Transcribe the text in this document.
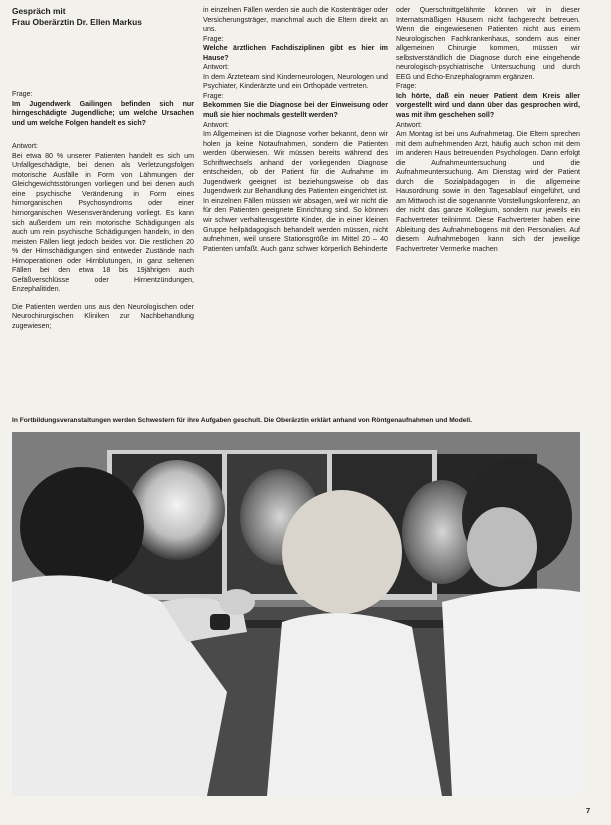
Gespräch mit

Frau Oberärztin Dr. Ellen Markus

Frage:

Im Jugendwerk Gailingen befinden sich nur hirngeschädigte Jugendliche; um welche Ursachen und um welche Folgen handelt es sich?

Antwort:

Bei etwa 80 % unserer Patienten handelt es sich um Unfallgeschädigte, bei denen als Verletzungsfolgen motorische Ausfälle in Form von Lähmungen der Gleichgewichtsstörungen vorliegen und bei denen auch eine psychische Veränderung in Form eines hirnorganischen Psychosyndroms oder einer hirnorganischen Wesensveränderung vorliegt. Es kann sich außerdem um rein motorische Schädigungen als auch um rein psychische Schädigungen handeln, in den meisten Fällen liegt jedoch beides vor. Die restlichen 20 % der Hirnschädigungen sind entweder Zustände nach Hirnoperationen oder Hirnblutungen, in ganz seltenen Fällen bei den etwa 18 bis 19jährigen auch Gefäßverschlüsse oder Hirnentzündungen, Enzephalitiden.

Die Patienten werden uns aus den Neurologischen oder Neurochirurgischen Kliniken zur Nachbehandlung zugewiesen;

in einzelnen Fällen werden sie auch die Kostenträger oder Versicherungsträger, manchmal auch die Eltern direkt an uns.

Frage:

Welche ärztlichen Fachdisziplinen gibt es hier im Hause?

Antwort:

In dem Ärzteteam sind Kinderneurologen, Neurologen und Psychiater, Kinderärzte und ein Orthopäde vertreten.

Frage:

Bekommen Sie die Diagnose bei der Einweisung oder muß sie hier nochmals gestellt werden?

Antwort:

Im Allgemeinen ist die Diagnose vorher bekannt, denn wir holen ja keine Notaufnahmen, sondern die Patienten werden überwiesen. Wir müssen bereits während des Schriftwechsels anhand der vorliegenden Diagnose entscheiden, ob der Patient für die Aufnahme im Jugendwerk geeignet ist beziehungsweise ob das Jugendwerk zur Behandlung des Patienten eingerichtet ist. In einzelnen Fällen müssen wir absagen, weil wir nicht die für den Patienten geeignete Einrichtung sind. So können wir schwer verhaltensgestörte Kinder, die in einer kleinen Gruppe heilpädagogisch behandelt werden müssen, nicht aufnehmen, weil unsere Stationsgröße im Mittel 20 – 40 Patienten umfaßt. Auch ganz schwer körperlich Behinderte

oder Querschnittgelähmte können wir in dieser Internatsmäßigen Häusern nicht fachgerecht betreuen. Wenn die eingewiesenen Patienten nicht aus einem Neurologischen Fachkrankenhaus, sondern aus einer allgemeinen Chirurgie kommen, müssen wir selbstverständlich die Diagnose durch eine eingehende neurologisch-psychiatrische Untersuchung und durch EEG und Echo-Enzephalogramm ergänzen.

Frage:

Ich hörte, daß ein neuer Patient dem Kreis aller vorgestellt wird und dann über das gesprochen wird, was mit ihm geschehen soll?

Antwort:

Am Montag ist bei uns Aufnahmetag. Die Eltern sprechen mit dem aufnehmenden Arzt, häufig auch schon mit dem im anderen Haus betreuenden Psychologen. Dann erfolgt die Aufnahmeuntersuchung und die Aufnahmeuntersuchung. Am Dienstag wird der Patient durch die Sozialpädagogen in die allgemeine Hausordnung sowie in den Tagesablauf eingeführt, und am Mittwoch ist die sogenannte Vorstellungskonferenz, an der nicht das ganze Kollegium, sondern nur jeweils ein Fachvertreter teilnimmt. Diese Fachvertreter haben eine Ableitung des Aufnahmebogens mit den Personalien. Auf diesem Aufnahmebogen kann sich der jeweilige Fachvertreter Vermerke machen

In Fortbildungsveranstaltungen werden Schwestern für ihre Aufgaben geschult. Die Oberärztin erklärt anhand von Röntgenaufnahmen und Modell.
7
